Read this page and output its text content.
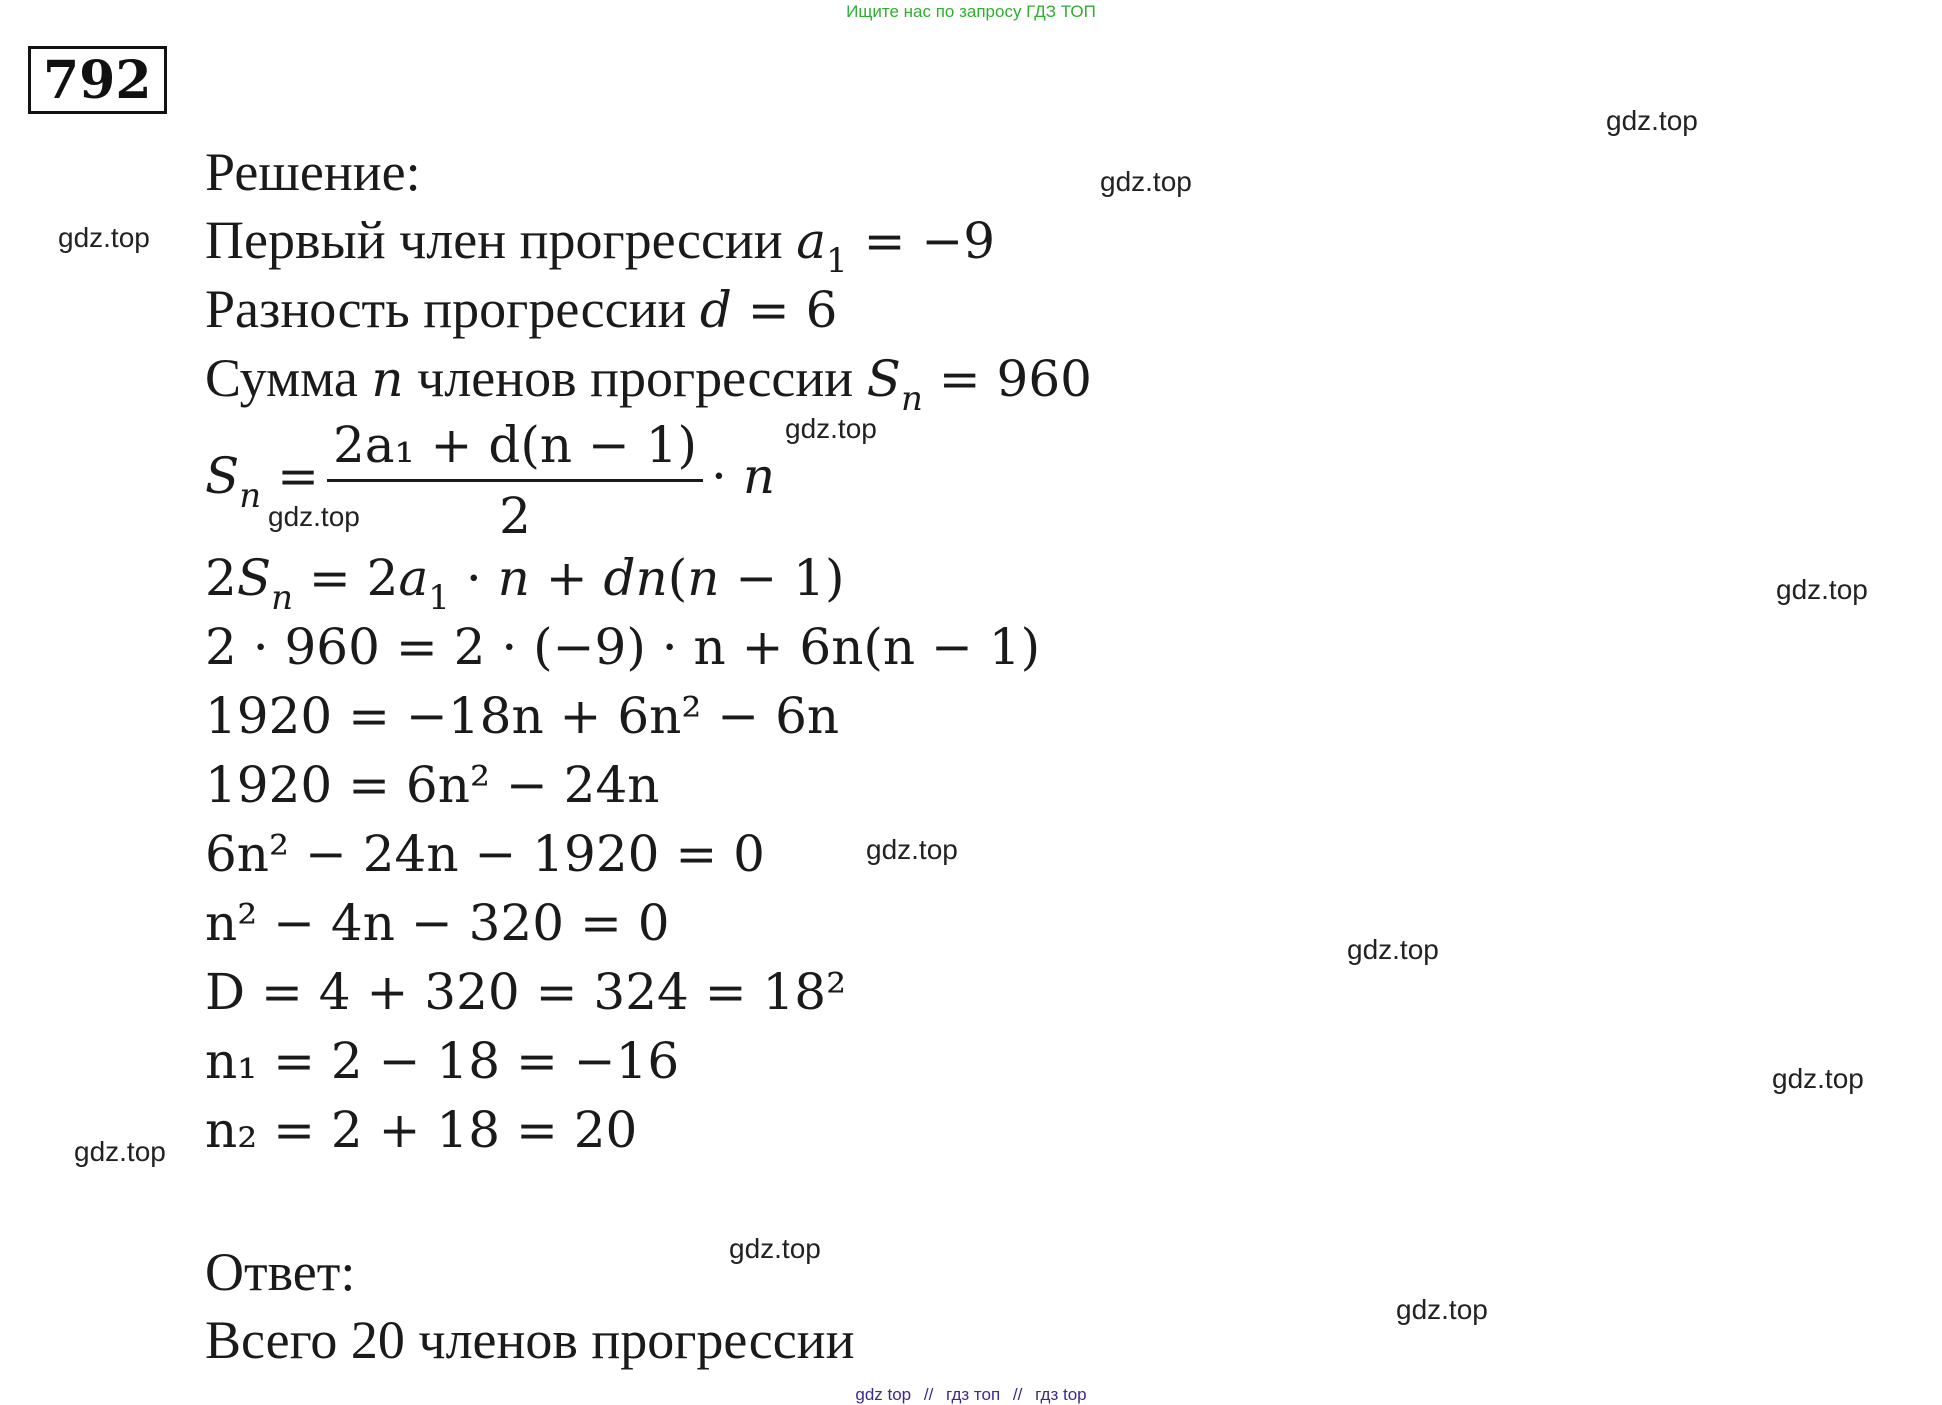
Ищите нас по запросу ГДЗ ТОП
792
gdz.top
gdz.top
gdz.top
gdz.top
gdz.top
gdz.top
gdz.top
gdz.top
gdz.top
gdz.top
gdz.top
gdz.top
Решение:
Первый член прогрессии $a_1 = -9$
Разность прогрессии d = 6
Сумма n членов прогрессии $S_n = 960$
$S_n = \frac{\text{2a₁ + d(n − 1)}}{2} \cdot n$
$2S_n = 2a_1 \cdot n + dn(n - 1)$
2 · 960 = 2 · (−9) · n + 6n(n − 1)
1920 = −18n + 6n² − 6n
1920 = 6n² − 24n
6n² − 24n − 1920 = 0
n² − 4n − 320 = 0
D = 4 + 320 = 324 = 18²
n₁ = 2 − 18 = −16
n₂ = 2 + 18 = 20
Ответ:
Всего 20 членов прогрессии
gdz top // гдз топ // гдз top
